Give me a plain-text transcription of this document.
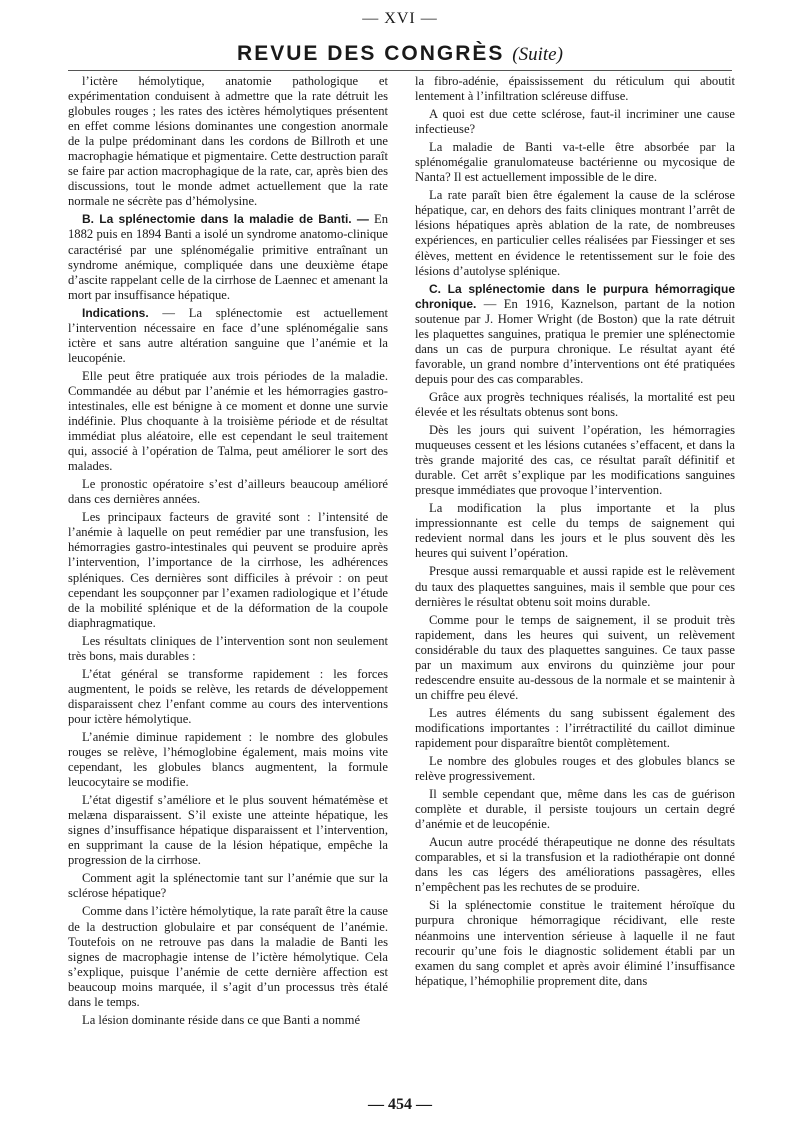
— XVI —
REVUE DES CONGRÈS (Suite)

l’ictère hémolytique, anatomie pathologique et expérimentation conduisent à admettre que la rate détruit les globules rouges ; les rates des ictères hémolytiques présentent en effet comme lésions dominantes une congestion anormale de la pulpe prédominant dans les cordons de Billroth et une macrophagie hématique et pigmentaire. Cette destruction paraît se faire par action macrophagique de la rate, car, après bien des discussions, tout le monde admet actuellement que la rate normale ne sécrète pas d’hémolysine.

B. La splénectomie dans la maladie de Banti. — En 1882 puis en 1894 Banti a isolé un syndrome anatomo-clinique caractérisé par une splénomégalie primitive entraînant un syndrome anémique, compliquée dans une deuxième étape d’ascite rappelant celle de la cirrhose de Laennec et amenant la mort par insuffisance hépatique.

Indications. — La splénectomie est actuellement l’intervention nécessaire en face d’une splénomégalie sans ictère et sans autre altération sanguine que l’anémie et la leucopénie.

Elle peut être pratiquée aux trois périodes de la maladie. Commandée au début par l’anémie et les hémorragies gastro-intestinales, elle est bénigne à ce moment et donne une survie indéfinie. Plus choquante à la troisième période et de résultat immédiat plus aléatoire, elle est cependant le seul traitement qui, associé à l’opération de Talma, peut améliorer le sort des malades.

Le pronostic opératoire s’est d’ailleurs beaucoup amélioré dans ces dernières années.

Les principaux facteurs de gravité sont : l’intensité de l’anémie à laquelle on peut remédier par une transfusion, les hémorragies gastro-intestinales qui peuvent se produire après l’intervention, l’importance de la cirrhose, les adhérences spléniques. Ces dernières sont difficiles à prévoir : on peut cependant les soupçonner par l’examen radiologique et l’étude de la mobilité splénique et de la déformation de la coupole diaphragmatique.

Les résultats cliniques de l’intervention sont non seulement très bons, mais durables :

L’état général se transforme rapidement : les forces augmentent, le poids se relève, les retards de développement disparaissent chez l’enfant comme au cours des interventions pour ictère hémolytique.

L’anémie diminue rapidement : le nombre des globules rouges se relève, l’hémoglobine également, mais moins vite cependant, les globules blancs augmentent, la formule leucocytaire se modifie.

L’état digestif s’améliore et le plus souvent hématémèse et melæna disparaissent. S’il existe une atteinte hépatique, les signes d’insuffisance hépatique disparaissent et l’intervention, en supprimant la cause de la lésion hépatique, empêche la progression de la cirrhose.

Comment agit la splénectomie tant sur l’anémie que sur la sclérose hépatique?

Comme dans l’ictère hémolytique, la rate paraît être la cause de la destruction globulaire et par conséquent de l’anémie. Toutefois on ne retrouve pas dans la maladie de Banti les signes de macrophagie intense de l’ictère hémolytique. Cela s’explique, puisque l’anémie de cette dernière affection est beaucoup moins marquée, il s’agit d’un processus très étalé dans le temps.

La lésion dominante réside dans ce que Banti a nommé

la fibro-adénie, épaississement du réticulum qui aboutit lentement à l’infiltration scléreuse diffuse.

A quoi est due cette sclérose, faut-il incriminer une cause infectieuse?

La maladie de Banti va-t-elle être absorbée par la splénomégalie granulomateuse bactérienne ou mycosique de Nanta? Il est actuellement impossible de le dire.

La rate paraît bien être également la cause de la sclérose hépatique, car, en dehors des faits cliniques montrant l’arrêt de lésions hépatiques après ablation de la rate, de nombreuses expériences, en particulier celles réalisées par Fiessinger et ses élèves, mettent en évidence le retentissement sur le foie des lésions d’autolyse splénique.

C. La splénectomie dans le purpura hémorragique chronique. — En 1916, Kaznelson, partant de la notion soutenue par J. Homer Wright (de Boston) que la rate détruit les plaquettes sanguines, pratiqua le premier une splénectomie dans un cas de purpura chronique. Le résultat ayant été favorable, un grand nombre d’interventions ont été pratiquées depuis pour des cas comparables.

Grâce aux progrès techniques réalisés, la mortalité est peu élevée et les résultats obtenus sont bons.

Dès les jours qui suivent l’opération, les hémorragies muqueuses cessent et les lésions cutanées s’effacent, et dans la très grande majorité des cas, ce résultat paraît définitif et durable. Cet arrêt s’explique par les modifications sanguines presque immédiates que provoque l’intervention.

La modification la plus importante et la plus impressionnante est celle du temps de saignement qui redevient normal dans les jours et le plus souvent dès les heures qui suivent l’opération.

Presque aussi remarquable et aussi rapide est le relèvement du taux des plaquettes sanguines, mais il semble que pour ces dernières le résultat obtenu soit moins durable.

Comme pour le temps de saignement, il se produit très rapidement, dans les heures qui suivent, un relèvement considérable du taux des plaquettes sanguines. Ce taux passe par un maximum aux environs du quinzième jour pour redescendre ensuite au-dessous de la normale et se maintenir à un chiffre peu élevé.

Les autres éléments du sang subissent également des modifications importantes : l’irrétractilité du caillot diminue rapidement pour disparaître bientôt complètement.

Le nombre des globules rouges et des globules blancs se relève progressivement.

Il semble cependant que, même dans les cas de guérison complète et durable, il persiste toujours un certain degré d’anémie et de leucopénie.

Aucun autre procédé thérapeutique ne donne des résultats comparables, et si la transfusion et la radiothérapie ont donné dans les cas légers des améliorations passagères, elles n’empêchent pas les rechutes de se produire.

Si la splénectomie constitue le traitement héroïque du purpura chronique hémorragique récidivant, elle reste néanmoins une intervention sérieuse à laquelle il ne faut recourir qu’une fois le diagnostic solidement établi par un examen du sang complet et après avoir éliminé l’insuffisance hépatique, l’hémophilie proprement dite, dans

— 454 —
